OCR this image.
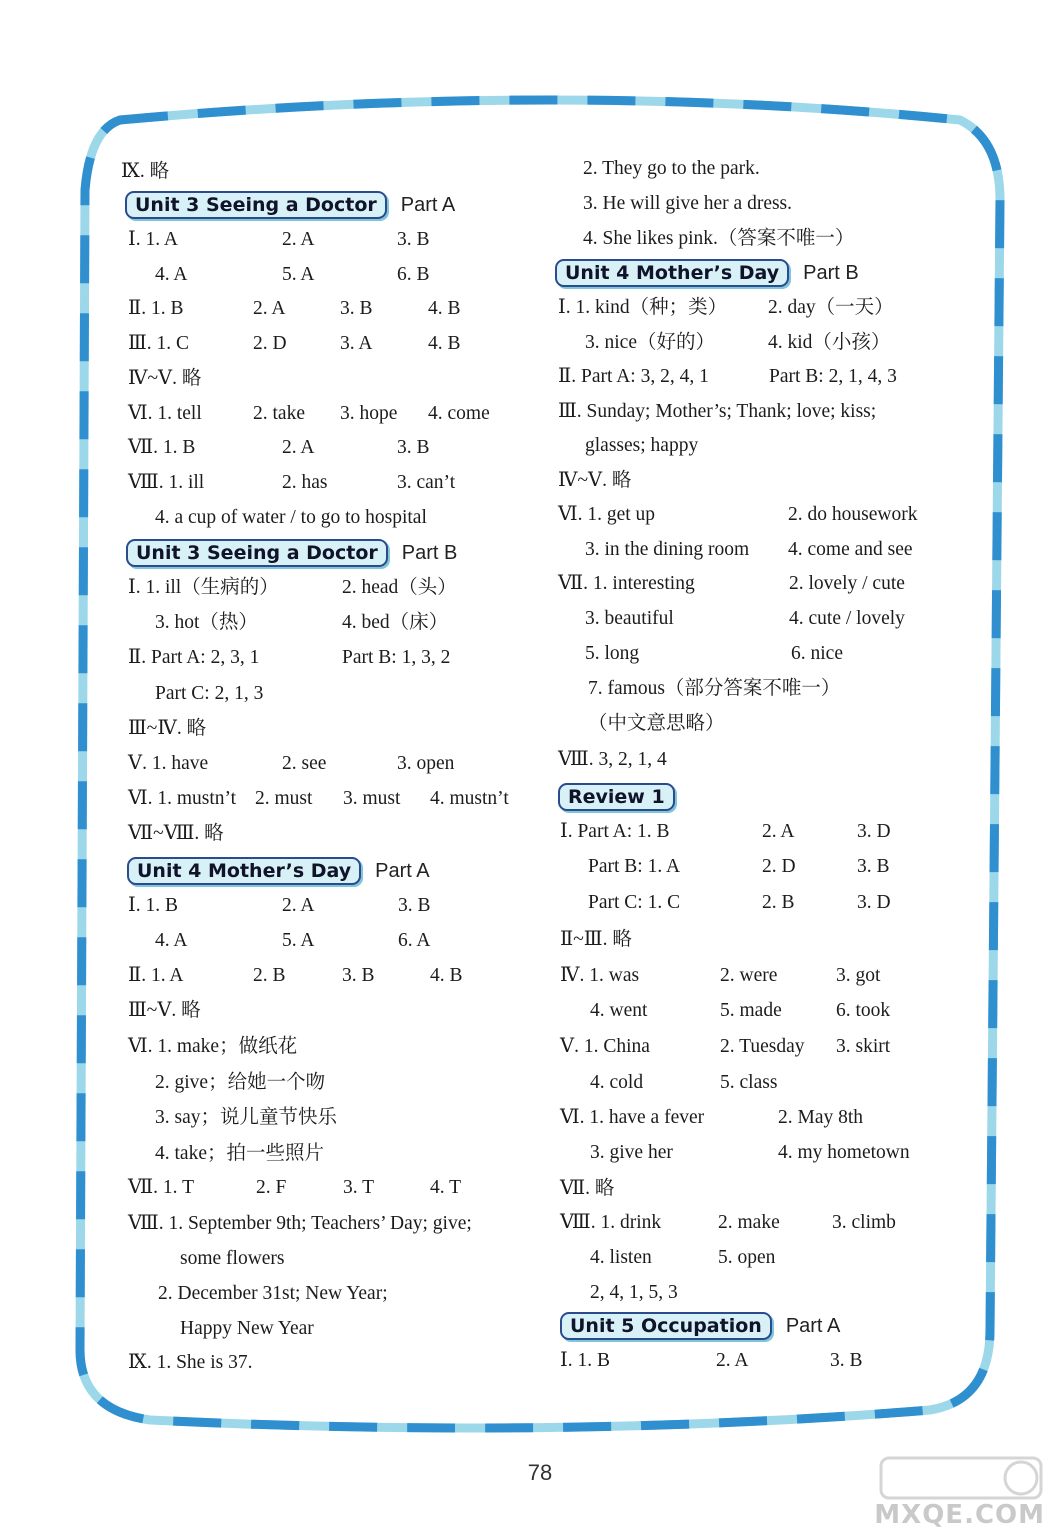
Ⅸ. 略
Ⅰ. 1. A	2. A	3. B
4. A	5. A	6. B
Ⅱ. 1. B	2. A	3. B	4. B
Ⅲ. 1. C	2. D	3. A	4. B
Ⅳ~Ⅴ. 略
Ⅵ. 1. tell	2. take 3. hope 4. come
Ⅶ. 1. B	2. A	3. B
Ⅷ. 1. ill	2. has	3. can’t
4. a cup of water / to go to hospital
Ⅰ. 1. ill（生病的）	2. head（头）
3. hot（热）	4. bed（床）
Ⅱ. Part A: 2, 3, 1	Part B: 1, 3, 2
Part C: 2, 1, 3
Ⅲ~Ⅳ. 略
Ⅴ. 1. have	2. see	3. open
Ⅵ. 1. mustn’t 2. must 3. must 4. mustn’t
Ⅶ~Ⅷ. 略
Ⅰ. 1. B	2. A	3. B
4. A	5. A	6. A
Ⅱ. 1. A	2. B	3. B	4. B
Ⅲ~Ⅴ. 略
Ⅵ. 1. make；做纸花
2. give；给她一个吻
3. say；说儿童节快乐
4. take；拍一些照片
Ⅶ. 1. T	2. F	3. T	4. T
Ⅷ. 1. September 9th; Teachers’ Day; give;
some flowers
2. December 31st; New Year;
Happy New Year
Ⅸ. 1. She is 37.
2. They go to the park.
3. He will give her a dress.
4. She likes pink.（答案不唯一）
Ⅰ. 1. kind（种；类） 2. day（一天）
3. nice（好的）	4. kid（小孩）
Ⅱ. Part A: 3, 2, 4, 1	Part B: 2, 1, 4, 3
Ⅲ. Sunday; Mother’s; Thank; love; kiss;
glasses; happy
Ⅳ~Ⅴ. 略
Ⅵ. 1. get up	2. do housework
3. in the dining room 4. come and see
Ⅶ. 1. interesting	2. lovely / cute
3. beautiful	4. cute / lovely
5. long	6. nice
7. famous（部分答案不唯一）
（中文意思略）
Ⅷ. 3, 2, 1, 4
Ⅰ. Part A: 1. B	2. A	3. D
Part B: 1. A	2. D	3. B
Part C: 1. C	2. B	3. D
Ⅱ~Ⅲ. 略
Ⅳ. 1. was	2. were	3. got
4. went	5. made	6. took
Ⅴ. 1. China	2. Tuesday 3. skirt
4. cold	5. class
Ⅵ. 1. have a fever	2. May 8th
3. give her	4. my hometown
Ⅶ. 略
Ⅷ. 1. drink	2. make	3. climb
4. listen	5. open
2, 4, 1, 5, 3
Ⅰ. 1. B	2. A	3. B
Unit 3 Seeing a Doctor	Part A
Unit 3 Seeing a Doctor	Part B
Unit 4 Mother’s Day	Part A
Unit 4 Mother’s Day	Part B
Review 1
Unit 5 Occupation	Part A
78
MXQE.COM
